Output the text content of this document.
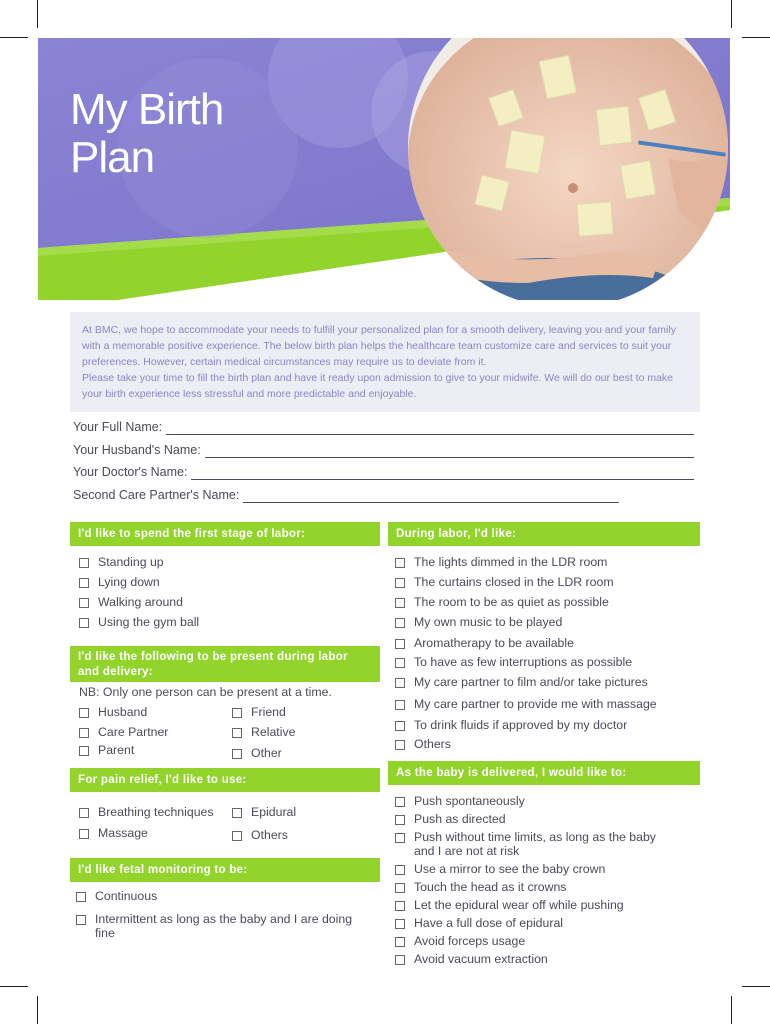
My Birth
Plan

At BMC, we hope to accommodate your needs to fulfill your personalized plan for a smooth delivery, leaving you and your family with a memorable positive experience. The below birth plan helps the healthcare team customize care and services to suit your preferences. However, certain medical circumstances may require us to deviate from it.

Please take your time to fill the birth plan and have it ready upon admission to give to your midwife. We will do our best to make your birth experience less stressful and more predictable and enjoyable.

Your Full Name:
Your Husband's Name:
Your Doctor's Name:
Second Care Partner's Name:
I'd like to spend the first stage of labor:
Standing up
Lying down
Walking around
Using the gym ball
I'd like the following to be present during labor and delivery:
NB: Only one person can be present at a time.
Husband	Friend
Care Partner	Relative
Parent	Other
For pain relief, I'd like to use:
Breathing techniques	Epidural
Massage	Others
I'd like fetal monitoring to be:
Continuous
Intermittent as long as the baby and I are doing fine
During labor, I'd like:
The lights dimmed in the LDR room
The curtains closed in the LDR room
The room to be as quiet as possible
My own music to be played
Aromatherapy to be available
To have as few interruptions as possible
My care partner to film and/or take pictures
My care partner to provide me with massage
To drink fluids if approved by my doctor
Others
As the baby is delivered, I would like to:
Push spontaneously
Push as directed
Push without time limits, as long as the baby and I are not at risk
Use a mirror to see the baby crown
Touch the head as it crowns
Let the epidural wear off while pushing
Have a full dose of epidural
Avoid forceps usage
Avoid vacuum extraction
